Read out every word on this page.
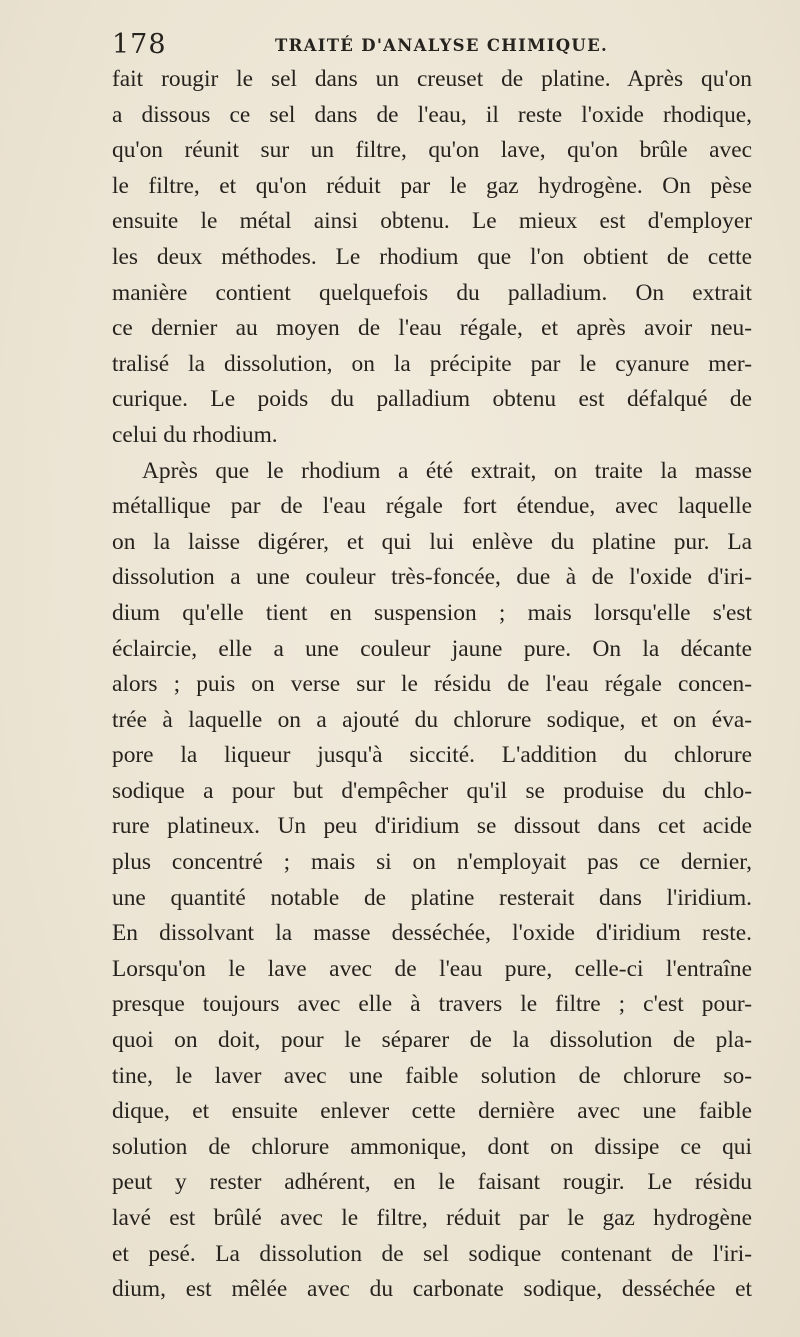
178	TRAITÉ D'ANALYSE CHIMIQUE.
fait rougir le sel dans un creuset de platine. Après qu'on
a dissous ce sel dans de l'eau, il reste l'oxide rhodique,
qu'on réunit sur un filtre, qu'on lave, qu'on brûle avec
le filtre, et qu'on réduit par le gaz hydrogène. On pèse
ensuite le métal ainsi obtenu. Le mieux est d'employer
les deux méthodes. Le rhodium que l'on obtient de cette
manière contient quelquefois du palladium. On extrait
ce dernier au moyen de l'eau régale, et après avoir neu-
tralisé la dissolution, on la précipite par le cyanure mer-
curique. Le poids du palladium obtenu est défalqué de
celui du rhodium.
Après que le rhodium a été extrait, on traite la masse
métallique par de l'eau régale fort étendue, avec laquelle
on la laisse digérer, et qui lui enlève du platine pur. La
dissolution a une couleur très-foncée, due à de l'oxide d'iri-
dium qu'elle tient en suspension ; mais lorsqu'elle s'est
éclaircie, elle a une couleur jaune pure. On la décante
alors ; puis on verse sur le résidu de l'eau régale concen-
trée à laquelle on a ajouté du chlorure sodique, et on éva-
pore la liqueur jusqu'à siccité. L'addition du chlorure
sodique a pour but d'empêcher qu'il se produise du chlo-
rure platineux. Un peu d'iridium se dissout dans cet acide
plus concentré ; mais si on n'employait pas ce dernier,
une quantité notable de platine resterait dans l'iridium.
En dissolvant la masse desséchée, l'oxide d'iridium reste.
Lorsqu'on le lave avec de l'eau pure, celle-ci l'entraîne
presque toujours avec elle à travers le filtre ; c'est pour-
quoi on doit, pour le séparer de la dissolution de pla-
tine, le laver avec une faible solution de chlorure so-
dique, et ensuite enlever cette dernière avec une faible
solution de chlorure ammonique, dont on dissipe ce qui
peut y rester adhérent, en le faisant rougir. Le résidu
lavé est brûlé avec le filtre, réduit par le gaz hydrogène
et pesé. La dissolution de sel sodique contenant de l'iri-
dium, est mêlée avec du carbonate sodique, desséchée et
